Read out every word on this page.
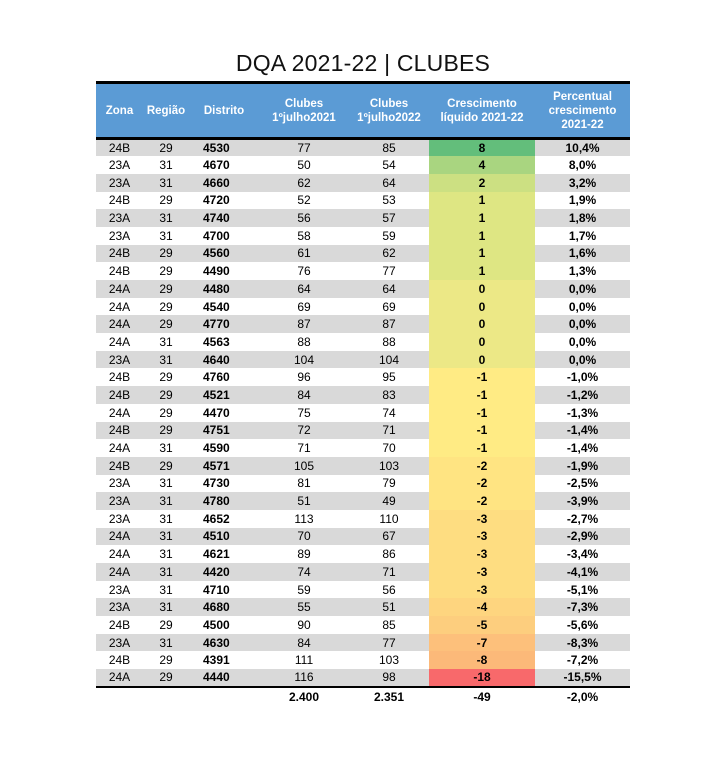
DQA 2021-22 | CLUBES
Zona	Região	Distrito	Clubes 1ºjulho2021	Clubes 1ºjulho2022	Crescimento líquido 2021-22	Percentual crescimento 2021-22
24B	29	4530	77	85	8	10,4%
23A	31	4670	50	54	4	8,0%
23A	31	4660	62	64	2	3,2%
24B	29	4720	52	53	1	1,9%
23A	31	4740	56	57	1	1,8%
23A	31	4700	58	59	1	1,7%
24B	29	4560	61	62	1	1,6%
24B	29	4490	76	77	1	1,3%
24A	29	4480	64	64	0	0,0%
24A	29	4540	69	69	0	0,0%
24A	29	4770	87	87	0	0,0%
24A	31	4563	88	88	0	0,0%
23A	31	4640	104	104	0	0,0%
24B	29	4760	96	95	-1	-1,0%
24B	29	4521	84	83	-1	-1,2%
24A	29	4470	75	74	-1	-1,3%
24B	29	4751	72	71	-1	-1,4%
24A	31	4590	71	70	-1	-1,4%
24B	29	4571	105	103	-2	-1,9%
23A	31	4730	81	79	-2	-2,5%
23A	31	4780	51	49	-2	-3,9%
23A	31	4652	113	110	-3	-2,7%
24A	31	4510	70	67	-3	-2,9%
24A	31	4621	89	86	-3	-3,4%
24A	31	4420	74	71	-3	-4,1%
23A	31	4710	59	56	-3	-5,1%
23A	31	4680	55	51	-4	-7,3%
24B	29	4500	90	85	-5	-5,6%
23A	31	4630	84	77	-7	-8,3%
24B	29	4391	111	103	-8	-7,2%
24A	29	4440	116	98	-18	-15,5%
			2.400	2.351	-49	-2,0%
